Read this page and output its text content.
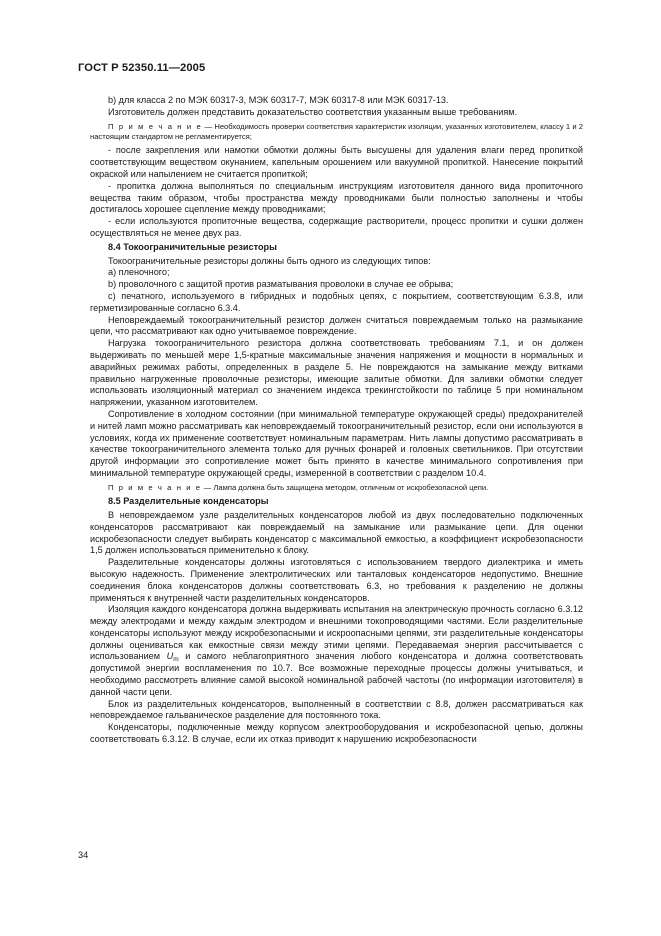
ГОСТ Р 52350.11—2005

b) для класса 2 по МЭК 60317-3, МЭК 60317-7, МЭК 60317-8 или МЭК 60317-13.

Изготовитель должен представить доказательство соответствия указанным выше требованиям.

П р и м е ч а н и е — Необходимость проверки соответствия характеристик изоляции, указанных изготовителем, классу 1 и 2 настоящим стандартом не регламентируется;

- после закрепления или намотки обмотки должны быть высушены для удаления влаги перед пропиткой соответствующим веществом окунанием, капельным орошением или вакуумной пропиткой. Нанесение покрытий окраской или напылением не считается пропиткой;

- пропитка должна выполняться по специальным инструкциям изготовителя данного вида пропиточного вещества таким образом, чтобы пространства между проводниками были полностью заполнены и чтобы достигалось хорошее сцепление между проводниками;

- если используются пропиточные вещества, содержащие растворители, процесс пропитки и сушки должен осуществляться не менее двух раз.

8.4 Токоограничительные резисторы

Токоограничительные резисторы должны быть одного из следующих типов:

a) пленочного;

b) проволочного с защитой против разматывания проволоки в случае ее обрыва;

c) печатного, используемого в гибридных и подобных цепях, с покрытием, соответствующим 6.3.8, или герметизированные согласно 6.3.4.

Неповреждаемый токоограничительный резистор должен считаться повреждаемым только на размыкание цепи, что рассматривают как одно учитываемое повреждение.

Нагрузка токоограничительного резистора должна соответствовать требованиям 7.1, и он должен выдерживать по меньшей мере 1,5-кратные максимальные значения напряжения и мощности в нормальных и аварийных режимах работы, определенных в разделе 5. Не повреждаются на замыкание между витками правильно нагруженные проволочные резисторы, имеющие залитые обмотки. Для заливки обмотки следует использовать изоляционный материал со значением индекса трекингстойкости по таблице 5 при номинальном напряжении, указанном изготовителем.

Сопротивление в холодном состоянии (при минимальной температуре окружающей среды) предохранителей и нитей ламп можно рассматривать как неповреждаемый токоограничительный резистор, если они используются в условиях, когда их применение соответствует номинальным параметрам. Нить лампы допустимо рассматривать в качестве токоограничительного элемента только для ручных фонарей и головных светильников. При отсутствии другой информации это сопротивление может быть принято в качестве минимального сопротивления при минимальной температуре окружающей среды, измеренной в соответствии с разделом 10.4.

П р и м е ч а н и е — Лампа должна быть защищена методом, отличным от искробезопасной цепи.

8.5 Разделительные конденсаторы

В неповреждаемом узле разделительных конденсаторов любой из двух последовательно подключенных конденсаторов рассматривают как повреждаемый на замыкание или размыкание цепи. Для оценки искробезопасности следует выбирать конденсатор с максимальной емкостью, а коэффициент искробезопасности 1,5 должен использоваться применительно к блоку.

Разделительные конденсаторы должны изготовляться с использованием твердого диэлектрика и иметь высокую надежность. Применение электролитических или танталовых конденсаторов недопустимо. Внешние соединения блока конденсаторов должны соответствовать 6.3, но требования к разделению не должны применяться к внутренней части разделительных конденсаторов.

Изоляция каждого конденсатора должна выдерживать испытания на электрическую прочность согласно 6.3.12 между электродами и между каждым электродом и внешними токопроводящими частями. Если разделительные конденсаторы используют между искробезопасными и искроопасными цепями, эти разделительные конденсаторы должны оцениваться как емкостные связи между этими цепями. Передаваемая энергия рассчитывается с использованием $U_m$ и самого неблагоприятного значения любого конденсатора и должна соответствовать допустимой энергии воспламенения по 10.7. Все возможные переходные процессы должны учитываться, и необходимо рассмотреть влияние самой высокой номинальной рабочей частоты (по информации изготовителя) в данной части цепи.

Блок из разделительных конденсаторов, выполненный в соответствии с 8.8, должен рассматриваться как неповреждаемое гальваническое разделение для постоянного тока.

Конденсаторы, подключенные между корпусом электрооборудования и искробезопасной цепью, должны соответствовать 6.3.12. В случае, если их отказ приводит к нарушению искробезопасности

34
